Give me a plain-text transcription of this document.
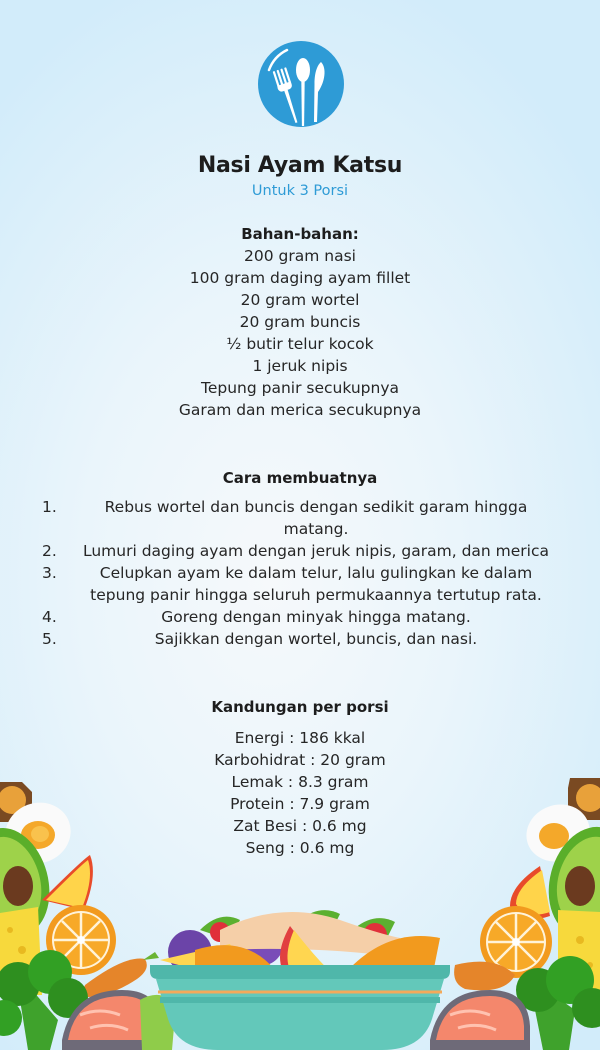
Nasi Ayam Katsu
Untuk 3 Porsi
Bahan-bahan:
200 gram nasi
100 gram daging ayam fillet
20 gram wortel
20 gram buncis
½ butir telur kocok
1 jeruk nipis
Tepung panir secukupnya
Garam dan merica secukupnya
Cara membuatnya
1.	Rebus wortel dan buncis dengan sedikit garam hingga matang.
2.	Lumuri daging ayam dengan jeruk nipis, garam, dan merica
3.	Celupkan ayam ke dalam telur, lalu gulingkan ke dalam tepung panir hingga seluruh permukaannya tertutup rata.
4.	Goreng dengan minyak hingga matang.
5.	Sajikkan dengan wortel, buncis, dan nasi.
Kandungan per porsi
Energi : 186 kkal
Karbohidrat : 20 gram
Lemak : 8.3 gram
Protein : 7.9 gram
Zat Besi : 0.6 mg
Seng : 0.6 mg
